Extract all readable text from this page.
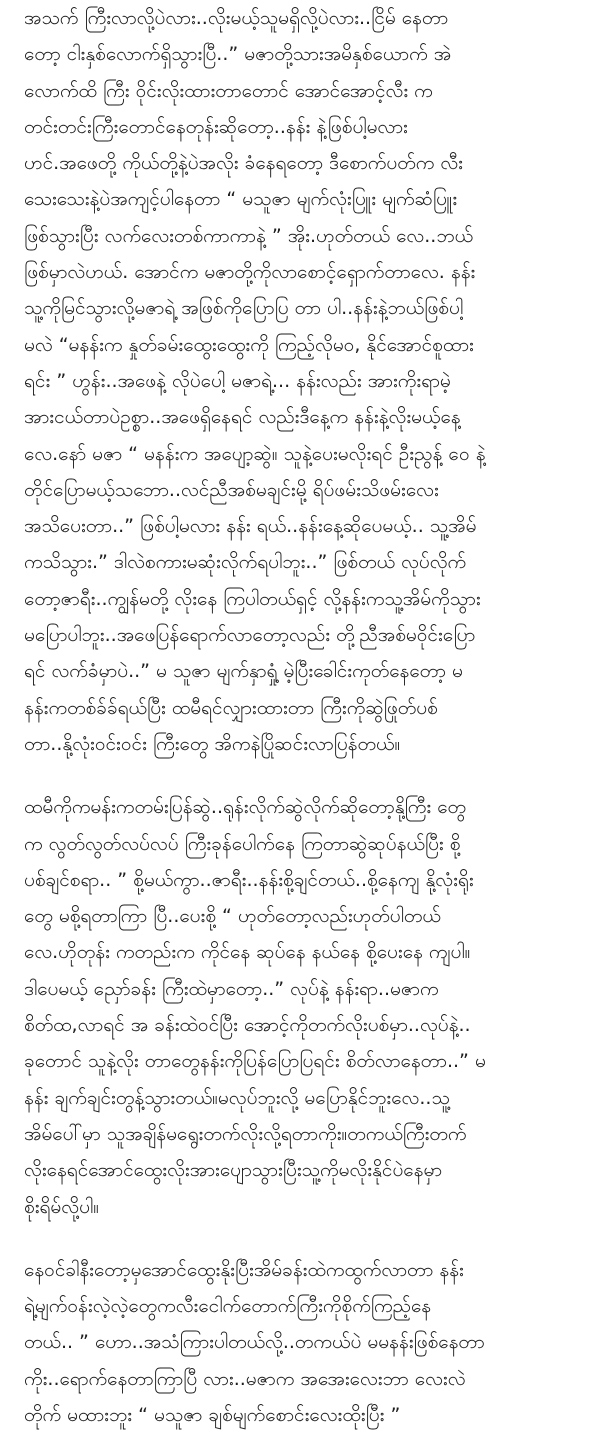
အသက် ကြီးလာလို့ပဲလား..လိုးမယ့်သူမရှိလို့ပဲလား..ငြိမ် နေတာ
တော့ ငါးနှစ်လောက်ရှိသွားပြီ..” မဇာတို့သားအမိနှစ်ယောက် အဲ
လောက်ထိ ကြီး ဝိုင်းလိုးထားတာတောင် အောင်အောင့်လီး က
တင်းတင်းကြီးတောင်နေတုန်းဆိုတော့..နန်း နဲ့ဖြစ်ပါ့မလား
ဟင်.အဖေတို့ ကိုယ်တို့နဲ့ပဲအလိုး ခံနေရတော့ ဒီစောက်ပတ်က လီး
သေးသေးနဲ့ပဲအကျင့်ပါနေတာ “ မသူဇာ မျက်လုံးပြူး မျက်ဆံပြူး
ဖြစ်သွားပြီး လက်လေးတစ်ကာကာနဲ့ ” အိုး.ဟုတ်တယ် လေ..ဘယ်
ဖြစ်မှာလဲဟယ်. အောင်က မဇာတို့ကိုလာစောင့်ရှောက်တာလေ. နန်း
သူ့ကိုမြင်သွားလို့မဇာရဲ့ အဖြစ်ကိုပြောပြ တာ ပါ..နန်းနဲ့ဘယ်ဖြစ်ပါ့
မလဲ “မနန်းက နှုတ်ခမ်းထွေးထွေးကို ကြည့်လိုမဝ, နိုင်အောင်စူထား
ရင်း ” ဟွန်း..အဖေနဲ့ လိုပဲပေါ့ မဇာရဲ့... နန်းလည်း အားကိုးရာမဲ့
အားငယ်တာပဲဥစ္စာ..အဖေရှိနေရင် လည်းဒီနေ့က နန်းနဲ့လိုးမယ့်နေ့
လေ.နော် မဇာ “ မနန်းက အပျော့ဆွဲ။ သူနဲ့ပေးမလိုးရင် ဦးညွန့် ၀ေ နဲ့
တိုင်ပြောမယ့်သဘော..လင်ညီအစ်မချင်းမို့ ရိပ်ဖမ်းသိဖမ်းလေး
အသိပေးတာ..” ဖြစ်ပါ့မလား နန်း ရယ်..နန်းနေ့ဆိုပေမယ့်.. သူ့အိမ်
ကသိသွား.” ဒါလဲစကားမဆုံးလိုက်ရပါဘူး..” ဖြစ်တယ် လုပ်လိုက်
တော့ဇာရီး..ကျွန်မတို့ လိုးနေ ကြပါတယ်ရှင့် လို့နန်းကသူ့အိမ်ကိုသွား
မပြောပါဘူး..အဖေပြန်ရောက်လာတော့လည်း တို့ညီအစ်မဝိုင်းပြော
ရင် လက်ခံမှာပဲ..” မ သူဇာ မျက်နှာရှုံ့ မဲ့ပြီးခေါင်းကုတ်နေတော့ မ
နန်းကတစ်ခ်ခ်ရယ်ပြီး ထမီရင်လျှားထားတာ ကြီးကိုဆွဲဖြုတ်ပစ်
တာ..နို့လုံးဝင်းဝင်း ကြီးတွေ အိကနဲပြိုဆင်းလာပြန်တယ်။
ထမီကိုကမန်းကတမ်းပြန်ဆွဲ..ရုန်းလိုက်ဆွဲလိုက်ဆိုတော့နို့ကြီး တွေ
က လွတ်လွတ်လပ်လပ် ကြီးခုန်ပေါက်နေ ကြတာဆွဲဆုပ်နယ်ပြီး စို့
ပစ်ချင်စရာ.. ” စို့မယ်ကွာ..ဇာရီး..နန်းစို့ချင်တယ်..စို့နေကျ နို့လုံးရိုး
တွေ မစို့ရတာကြာ ပြီ..ပေးစို့ “ ဟုတ်တော့လည်းဟုတ်ပါတယ်
လေ.ဟိုတုန်း ကတည်းက ကိုင်နေ ဆုပ်နေ နယ်နေ စို့ပေးနေ ကျပါ။
ဒါပေမယ့် ညှော်ခန်း ကြီးထဲမှာတော့..” လုပ်နဲ့ နန်းရာ..မဇာက
စိတ်ထ,လာရင် အ ခန်းထဲဝင်ပြီး အောင့်ကိုတက်လိုးပစ်မှာ..လုပ်နဲ့..
ခုတောင် သူနဲ့လိုး တာတွေနန်းကိုပြန်ပြောပြရင်း စိတ်လာနေတာ..” မ
နန်း ချက်ချင်းတွန့်သွားတယ်။မလုပ်ဘူးလို့ မပြောနိုင်ဘူးလေ..သူ့
အိမ်ပေါ်မှာ သူအချိန်မရွေးတက်လိုးလို့ရတာကိုး။တကယ်ကြီးတက်
လိုးနေရင်အောင်ထွေးလိုးအားပျောသွားပြီးသူ့ကိုမလိုးနိုင်ပဲနေမှာ
စိုးရိမ်လို့ပါ။
နေဝင်ခါနီးတော့မှအောင်ထွေးနိုးပြီးအိမ်ခန်းထဲကထွက်လာတာ နန်း
ရဲ့မျက်ဝန်းလဲ့လဲ့တွေကလီးငေါက်တောက်ကြီးကိုစိုက်ကြည့်နေ
တယ်.. ” ဟော..အသံကြားပါတယ်လို့..တကယ်ပဲ မမနန်းဖြစ်နေတာ
ကိုး..ရောက်နေတာကြာပြီ လား..မဇာက အအေးလေးဘာ လေးလဲ
တိုက် မထားဘူး “ မသူဇာ ချစ်မျက်စောင်းလေးထိုးပြီး ”
